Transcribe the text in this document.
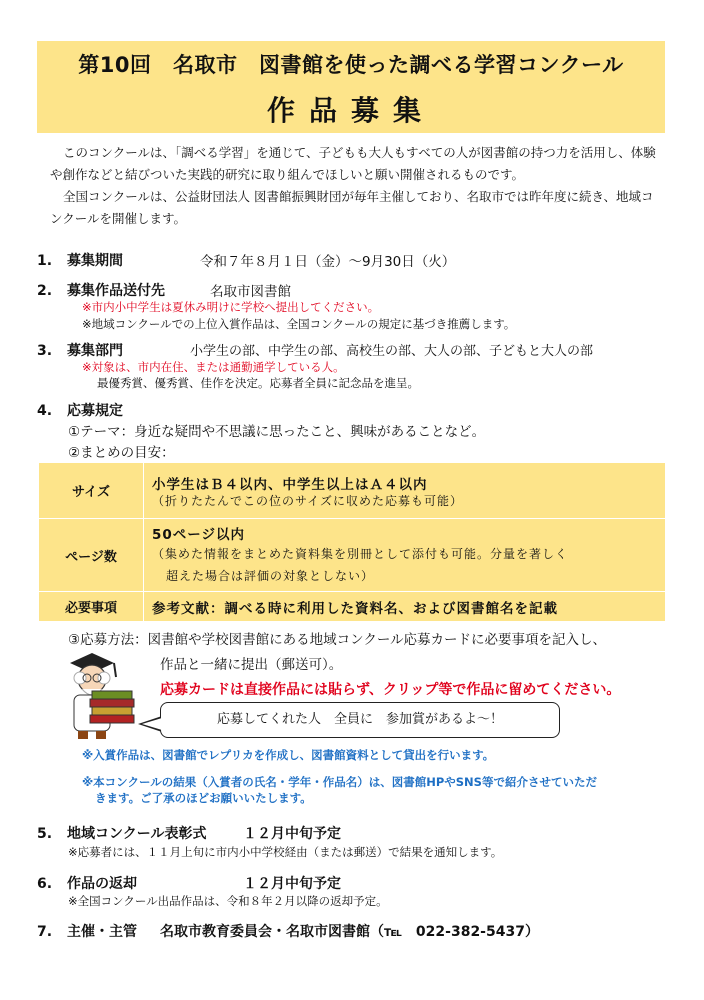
第10回　名取市　図書館を使った調べる学習コンクール
作品募集

このコンクールは、「調べる学習」を通じて、子どもも大人もすべての人が図書館の持つ力を活用し、体験や創作などと結びついた実践的研究に取り組んでほしいと願い開催されるものです。

全国コンクールは、公益財団法人 図書館振興財団が毎年主催しており、名取市では昨年度に続き、地域コンクールを開催します。

1. 募集期間	令和７年８月１日（金）～9月30日（火）
2. 募集作品送付先	名取市図書館
※市内小中学生は夏休み明けに学校へ提出してください。
※地域コンクールでの上位入賞作品は、全国コンクールの規定に基づき推薦します。
3. 募集部門	小学生の部、中学生の部、高校生の部、大人の部、子どもと大人の部
※対象は、市内在住、または通勤通学している人。
最優秀賞、優秀賞、佳作を決定。応募者全員に記念品を進呈。
4. 応募規定
①テーマ：身近な疑問や不思議に思ったこと、興味があることなど。
②まとめの目安：
サイズ	小学生はＢ４以内、中学生以上はＡ４以内
（折りたたんでこの位のサイズに収めた応募も可能）

ページ数	50ページ以内
（集めた情報をまとめた資料集を別冊として添付も可能。分量を著しく
超えた場合は評価の対象としない）

必要事項	参考文献：調べる時に利用した資料名、および図書館名を記載
③応募方法：図書館や学校図書館にある地域コンクール応募カードに必要事項を記入し、
作品と一緒に提出（郵送可）。
応募カードは直接作品には貼らず、クリップ等で作品に留めてください。
応募してくれた人　全員に　参加賞があるよ～！
※入賞作品は、図書館でレプリカを作成し、図書館資料として貸出を行います。
※本コンクールの結果（入賞者の氏名・学年・作品名）は、図書館HPやSNS等で紹介させていただ
きます。ご了承のほどお願いいたします。
5. 地域コンクール表彰式	１２月中旬予定
※応募者には、１１月上旬に市内小中学校経由（または郵送）で結果を通知します。
6. 作品の返却	１２月中旬予定
※全国コンクール出品作品は、令和８年２月以降の返却予定。
7. 主催・主管 名取市教育委員会・名取市図書館（℡　022-382-5437）
